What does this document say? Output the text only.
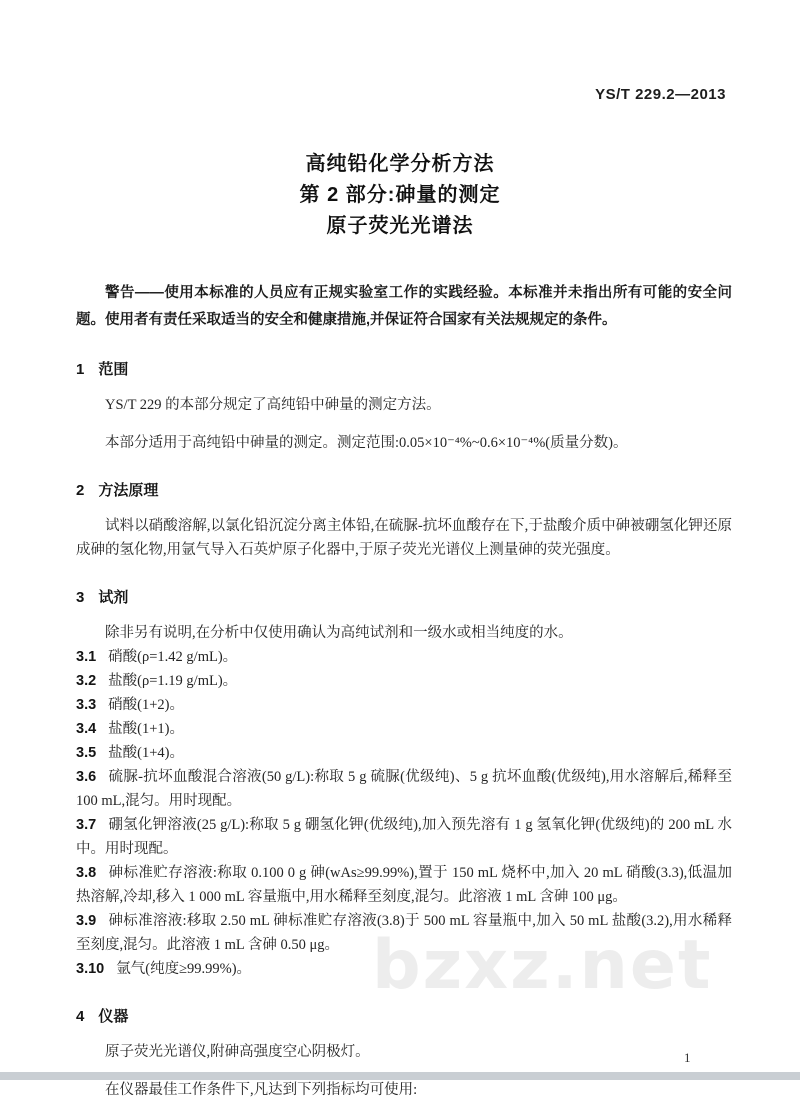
bzxz.net
YS/T 229.2—2013
高纯铅化学分析方法
第 2 部分:砷量的测定
原子荧光光谱法

警告——使用本标准的人员应有正规实验室工作的实践经验。本标准并未指出所有可能的安全问题。使用者有责任采取适当的安全和健康措施,并保证符合国家有关法规规定的条件。

1 范围

YS/T 229 的本部分规定了高纯铅中砷量的测定方法。

本部分适用于高纯铅中砷量的测定。测定范围:0.05×10⁻⁴%~0.6×10⁻⁴%(质量分数)。

2 方法原理

试料以硝酸溶解,以氯化铅沉淀分离主体铅,在硫脲-抗坏血酸存在下,于盐酸介质中砷被硼氢化钾还原成砷的氢化物,用氩气导入石英炉原子化器中,于原子荧光光谱仪上测量砷的荧光强度。

3 试剂

除非另有说明,在分析中仅使用确认为高纯试剂和一级水或相当纯度的水。

3.1 硝酸(ρ=1.42 g/mL)。

3.2 盐酸(ρ=1.19 g/mL)。

3.3 硝酸(1+2)。

3.4 盐酸(1+1)。

3.5 盐酸(1+4)。

3.6 硫脲-抗坏血酸混合溶液(50 g/L):称取 5 g 硫脲(优级纯)、5 g 抗坏血酸(优级纯),用水溶解后,稀释至 100 mL,混匀。用时现配。

3.7 硼氢化钾溶液(25 g/L):称取 5 g 硼氢化钾(优级纯),加入预先溶有 1 g 氢氧化钾(优级纯)的 200 mL 水中。用时现配。

3.8 砷标准贮存溶液:称取 0.100 0 g 砷(wAs≥99.99%),置于 150 mL 烧杯中,加入 20 mL 硝酸(3.3),低温加热溶解,冷却,移入 1 000 mL 容量瓶中,用水稀释至刻度,混匀。此溶液 1 mL 含砷 100 μg。

3.9 砷标准溶液:移取 2.50 mL 砷标准贮存溶液(3.8)于 500 mL 容量瓶中,加入 50 mL 盐酸(3.2),用水稀释至刻度,混匀。此溶液 1 mL 含砷 0.50 μg。

3.10 氩气(纯度≥99.99%)。

4 仪器

原子荧光光谱仪,附砷高强度空心阴极灯。

在仪器最佳工作条件下,凡达到下列指标均可使用:

1
